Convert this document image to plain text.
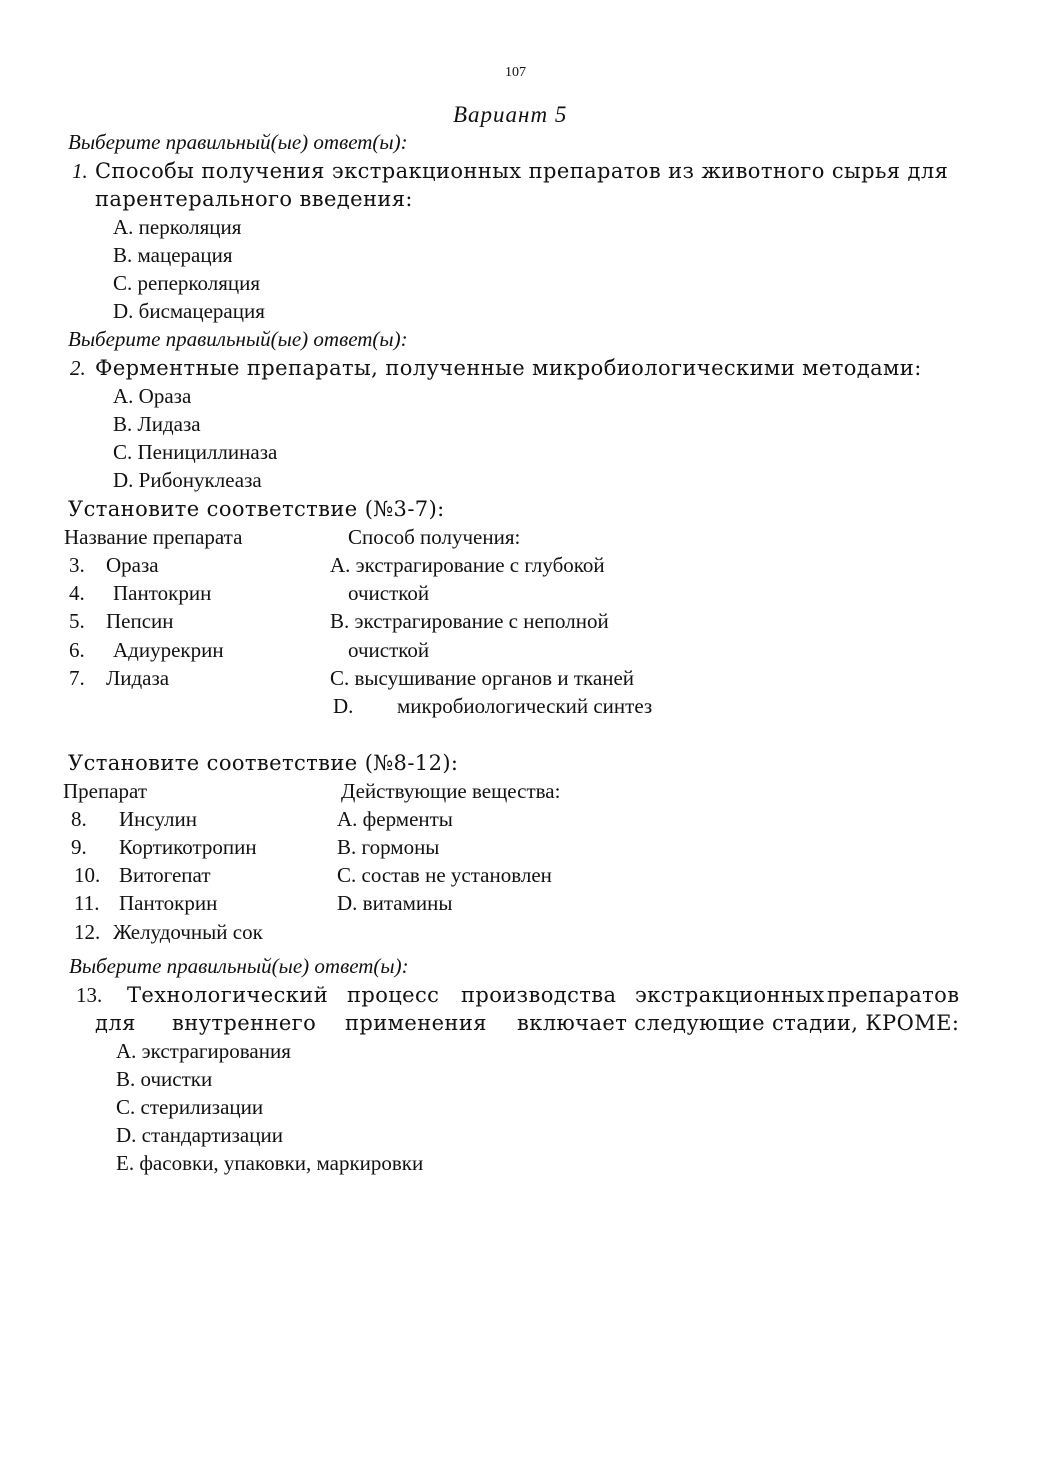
107
Вариант 5
Выберите правильный(ые) ответ(ы):
1. Способы получения экстракционных препаратов из животного сырья для
парентерального введения:
А. перколяция
В. мацерация
С. реперколяция
D. бисмацерация
Выберите правильный(ые) ответ(ы):
2. Ферментные препараты, полученные микробиологическими методами:
А. Ораза
В. Лидаза
С. Пенициллиназа
D. Рибонуклеаза
Установите соответствие (№3-7):
Название препарата	Способ получения:
3. Ораза
4. Пантокрин
5. Пепсин
6. Адиурекрин
7. Лидаза
А. экстрагирование с глубокой
очисткой
В. экстрагирование с неполной
очисткой
С. высушивание органов и тканей
D. микробиологический синтез
Установите соответствие (№8-12):
Препарат	Действующие вещества:
8. Инсулин
9. Кортикотропин
10. Витогепат
11. Пантокрин
12. Желудочный сок
А. ферменты
В. гормоны
С. состав не установлен
D. витамины
Выберите правильный(ые) ответ(ы):
13. Технологический процесс производства экстракционных препаратов
для внутреннего применения включает следующие стадии, КРОМЕ:
А. экстрагирования
В. очистки
С. стерилизации
D. стандартизации
Е. фасовки, упаковки, маркировки
